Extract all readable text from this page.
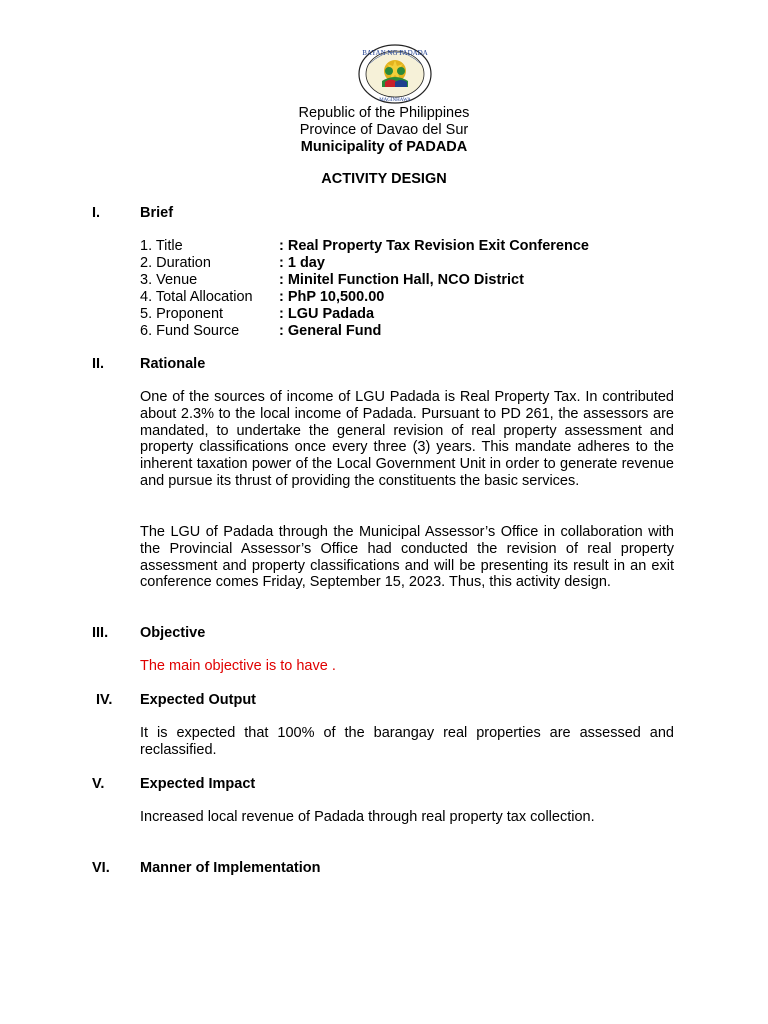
BAYAN NG PADADA
MAGINHAWA
Republic of the Philippines
Province of Davao del Sur
Municipality of PADADA
ACTIVITY DESIGN
I.	Brief
1. Title	: Real Property Tax Revision Exit Conference
2. Duration	: 1 day
3. Venue	: Minitel Function Hall, NCO District
4. Total Allocation	: PhP 10,500.00
5. Proponent	: LGU Padada
6. Fund Source	: General Fund
II. Rationale
One of the sources of income of LGU Padada is Real Property Tax. In contributed about 2.3% to the local income of Padada. Pursuant to PD 261, the assessors are mandated, to undertake the general revision of real property assessment and property classifications once every three (3) years. This mandate adheres to the inherent taxation power of the Local Government Unit in order to generate revenue and pursue its thrust of providing the constituents the basic services.
The LGU of Padada through the Municipal Assessor’s Office in collaboration with the Provincial Assessor’s Office had conducted the revision of real property assessment and property classifications and will be presenting its result in an exit conference comes Friday, September 15, 2023. Thus, this activity design.
III. Objective
The main objective is to have .
IV. Expected Output
It is expected that 100% of the barangay real properties are assessed and reclassified.
V. Expected Impact
Increased local revenue of Padada through real property tax collection.
VI. Manner of Implementation
